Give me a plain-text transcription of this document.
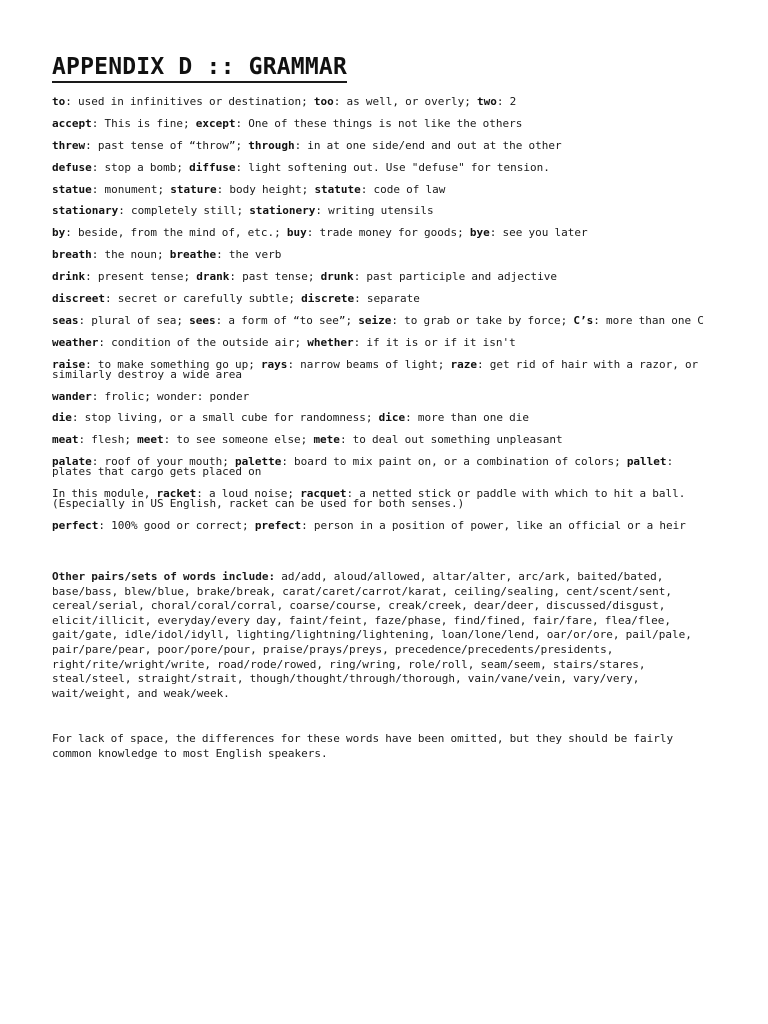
APPENDIX D :: GRAMMAR

to: used in infinitives or destination; too: as well, or overly; two: 2

accept: This is fine; except: One of these things is not like the others

threw: past tense of “throw”; through: in at one side/end and out at the other

defuse: stop a bomb; diffuse: light softening out. Use "defuse" for tension.

statue: monument; stature: body height; statute: code of law

stationary: completely still; stationery: writing utensils

by: beside, from the mind of, etc.; buy: trade money for goods; bye: see you later

breath: the noun; breathe: the verb

drink: present tense; drank: past tense; drunk: past participle and adjective

discreet: secret or carefully subtle; discrete: separate

seas: plural of sea; sees: a form of “to see”; seize: to grab or take by force; C’s: more than one C

weather: condition of the outside air; whether: if it is or if it isn't

raise: to make something go up; rays: narrow beams of light; raze: get rid of hair with a razor, or similarly destroy a wide area

wander: frolic; wonder: ponder

die: stop living, or a small cube for randomness; dice: more than one die

meat: flesh; meet: to see someone else; mete: to deal out something unpleasant

palate: roof of your mouth; palette: board to mix paint on, or a combination of colors; pallet: plates that cargo gets placed on

In this module, racket: a loud noise; racquet: a netted stick or paddle with which to hit a ball. (Especially in US English, racket can be used for both senses.)

perfect: 100% good or correct; prefect: person in a position of power, like an official or a heir

Other pairs/sets of words include: ad/add, aloud/allowed, altar/alter, arc/ark, baited/bated, base/bass, blew/blue, brake/break, carat/caret/carrot/karat, ceiling/sealing, cent/scent/sent, cereal/serial, choral/coral/corral, coarse/course, creak/creek, dear/deer, discussed/disgust, elicit/illicit, everyday/every day, faint/feint, faze/phase, find/fined, fair/fare, flea/flee, gait/gate, idle/idol/idyll, lighting/lightning/lightening, loan/lone/lend, oar/or/ore, pail/pale, pair/pare/pear, poor/pore/pour, praise/prays/preys, precedence/precedents/presidents, right/rite/wright/write, road/rode/rowed, ring/wring, role/roll, seam/seem, stairs/stares, steal/steel, straight/strait, though/thought/through/thorough, vain/vane/vein, vary/very, wait/weight, and weak/week.

For lack of space, the differences for these words have been omitted, but they should be fairly common knowledge to most English speakers.
